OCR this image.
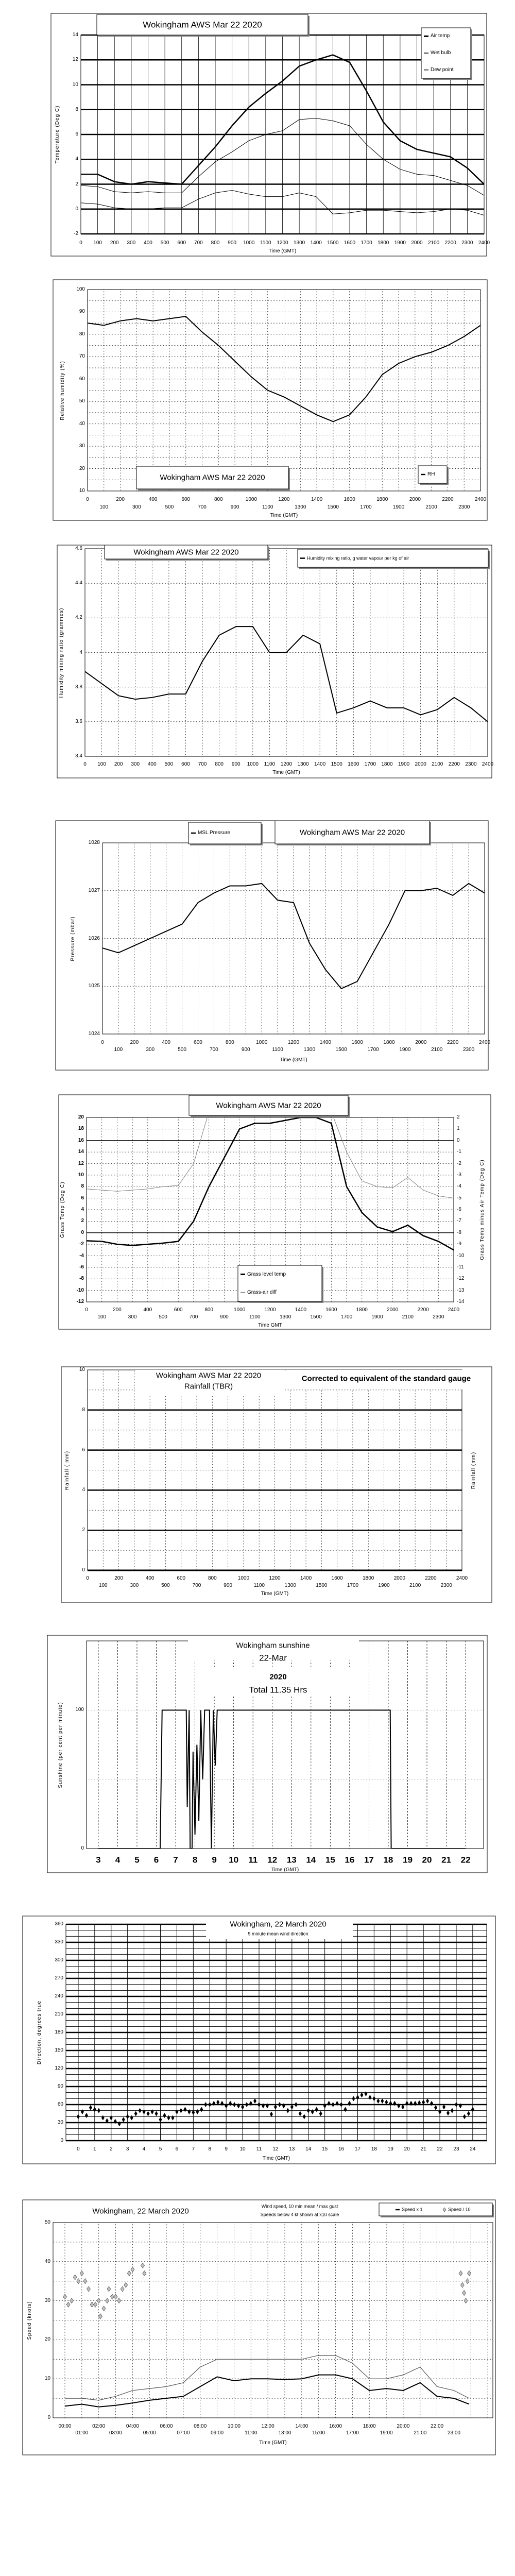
-2
0
2
4
6
8
10
12
14
0 100 200 300 400 500 600 700 800 900 1000 1100 1200 1300 1400 1500 1600 1700 1800 1900 2000 2100 2200 2300 2400
Time (GMT)
Temperature (Deg C)
Wokingham AWS Mar 22 2020
Air temp
Wet bulb
Dew point
10
20
30
40
50
60
70
80
90
100
0
100
200
300
400
500
600
700
800
900
1000
1100
1200
1300
1400
1500
1600
1700
1800
1900
2000
2100
2200
2300
2400
Time (GMT)
Relative humidity (%)
Wokingham AWS Mar 22 2020	RH
3.4
3.6
3.8
4
4.2
4.4
4.6
0 100 200 300 400 500 600 700 800 900 1000 1100 1200 1300 1400 1500 1600 1700 1800 1900 2000 2100 2200 2300 2400
Time (GMT)
Humidity mixing ratio (grammes)
Wokingham AWS Mar 22 2020
Humidity mixing ratio, g water vapour per kg of air
1024
1025
1026
1027
1028
0
100
200
300
400
500
600
700
800
900
1000
1100
1200
1300
1400
1500
1600
1700
1800
1900
2000
2100
2200
2300
2400
Time (GMT)
Pressure (mbar)
Wokingham AWS Mar 22 2020
MSL Pressure
-12
-10
-8
-6
-4
-2
0
2
4
6
8
10
12
14
16
18
20
-14
-13
-12
-11
-10
-9
-8
-7
-6
-5
-4
-3
-2
-1
0
1
2
0
100
200
300
400
500
600
700
800
900
1000
1100
1200
1300
1400
1500
1600
1700
1800
1900
2000
2100
2200
2300
2400
Time GMT
Grass Temp (Deg C)	Grass Temp minus Air Temp (Deg C)
Wokingham AWS Mar 22 2020
Grass level temp
Grass-air diff
0
2
4
6
8
10
0
100
200
300
400
500
600
700
800
900
1000
1100
1200
1300
1400
1500
1600
1700
1800
1900
2000
2100
2200
2300
2400
Time (GMT)
Rainfall ( mm)	Rainfall (mm)
Wokingham AWS Mar 22 2020
Rainfall (TBR)
Corrected to equivalent of the standard gauge
0
100
3 4 5 6 7 8 9 10 11 12 13 14 15 16 17 18 19 20 21 22
Time (GMT)
Sunshine (per cent per minute)
Wokingham sunshine
22-Mar
2020
Total 11.35 Hrs
0
30
60
90
120
150
180
210
240
270
300
330
360
0	1	2	3	4	5	6	7	8	9 10 11 12 13 14 15 16 17 18 19 20 21 22 23 24
Time (GMT)
Direction, degrees true
Wokingham, 22 March 2020
5 minute mean wind direction
0
10
20
30
40
50
00:00
01:00
02:00
03:00
04:00
05:00
06:00
07:00
08:00
09:00
10:00
11:00
12:00
13:00
14:00
15:00
16:00
17:00
18:00
19:00
20:00
21:00
22:00
23:00
Time (GMT)
Speed (knots)
Wokingham, 22 March 2020
Wind speed, 10 min mean / max gust
Speeds below 4 kt shown at x10 scale
Speed x 1	Speed / 10
